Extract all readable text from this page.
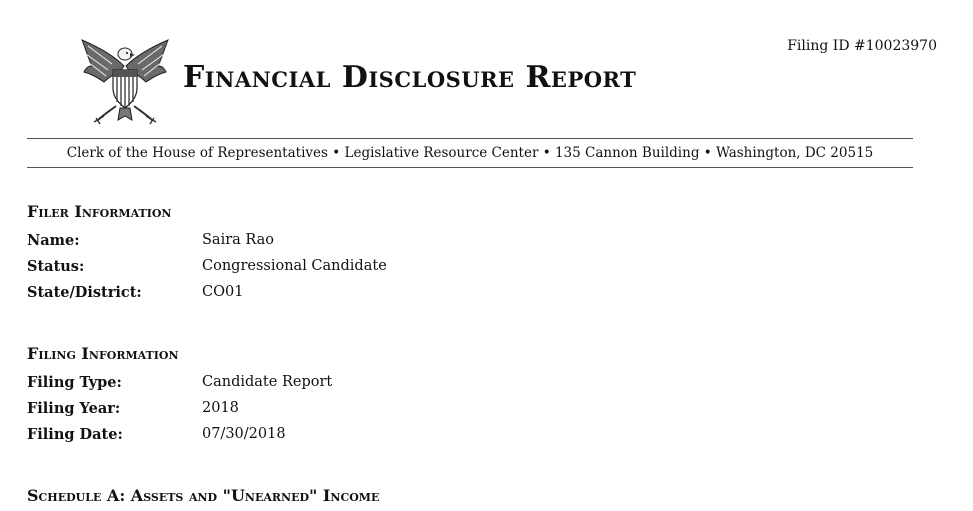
Filing ID #10023970
Financial Disclosure Report
Clerk of the House of Representatives • Legislative Resource Center • 135 Cannon Building • Washington, DC 20515
Filer Information
Name:	Saira Rao
Status:	Congressional Candidate
State/District:	CO01
Filing Information
Filing Type:	Candidate Report
Filing Year:	2018
Filing Date:	07/30/2018
Schedule A: Assets and "Unearned" Income
